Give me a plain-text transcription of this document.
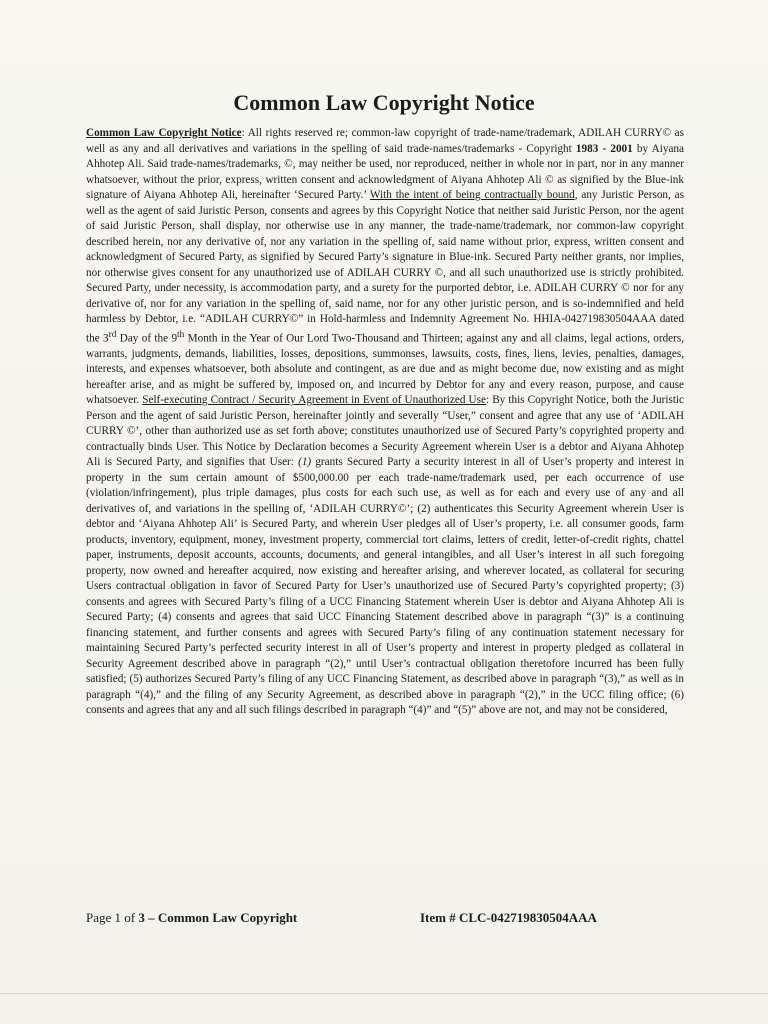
Common Law Copyright Notice

Common Law Copyright Notice: All rights reserved re; common-law copyright of trade-name/trademark, ADILAH CURRY© as well as any and all derivatives and variations in the spelling of said trade-names/trademarks - Copyright 1983 - 2001 by Aiyana Ahhotep Ali. Said trade-names/trademarks, ©, may neither be used, nor reproduced, neither in whole nor in part, nor in any manner whatsoever, without the prior, express, written consent and acknowledgment of Aiyana Ahhotep Ali © as signified by the Blue-ink signature of Aiyana Ahhotep Ali, hereinafter ‘Secured Party.’ With the intent of being contractually bound, any Juristic Person, as well as the agent of said Juristic Person, consents and agrees by this Copyright Notice that neither said Juristic Person, nor the agent of said Juristic Person, shall display, nor otherwise use in any manner, the trade-name/trademark, nor common-law copyright described herein, nor any derivative of, nor any variation in the spelling of, said name without prior, express, written consent and acknowledgment of Secured Party, as signified by Secured Party’s signature in Blue-ink. Secured Party neither grants, nor implies, nor otherwise gives consent for any unauthorized use of ADILAH CURRY ©, and all such unauthorized use is strictly prohibited. Secured Party, under necessity, is accommodation party, and a surety for the purported debtor, i.e. ADILAH CURRY © nor for any derivative of, nor for any variation in the spelling of, said name, nor for any other juristic person, and is so-indemnified and held harmless by Debtor, i.e. “ADILAH CURRY©” in Hold-harmless and Indemnity Agreement No. HHIA-042719830504AAA dated the 3rd Day of the 9th Month in the Year of Our Lord Two-Thousand and Thirteen; against any and all claims, legal actions, orders, warrants, judgments, demands, liabilities, losses, depositions, summonses, lawsuits, costs, fines, liens, levies, penalties, damages, interests, and expenses whatsoever, both absolute and contingent, as are due and as might become due, now existing and as might hereafter arise, and as might be suffered by, imposed on, and incurred by Debtor for any and every reason, purpose, and cause whatsoever. Self-executing Contract / Security Agreement in Event of Unauthorized Use: By this Copyright Notice, both the Juristic Person and the agent of said Juristic Person, hereinafter jointly and severally “User,” consent and agree that any use of ‘ADILAH CURRY ©’, other than authorized use as set forth above; constitutes unauthorized use of Secured Party’s copyrighted property and contractually binds User. This Notice by Declaration becomes a Security Agreement wherein User is a debtor and Aiyana Ahhotep Ali is Secured Party, and signifies that User: (1) grants Secured Party a security interest in all of User’s property and interest in property in the sum certain amount of $500,000.00 per each trade-name/trademark used, per each occurrence of use (violation/infringement), plus triple damages, plus costs for each such use, as well as for each and every use of any and all derivatives of, and variations in the spelling of, ‘ADILAH CURRY©’; (2) authenticates this Security Agreement wherein User is debtor and ‘Aiyana Ahhotep Ali’ is Secured Party, and wherein User pledges all of User’s property, i.e. all consumer goods, farm products, inventory, equipment, money, investment property, commercial tort claims, letters of credit, letter-of-credit rights, chattel paper, instruments, deposit accounts, accounts, documents, and general intangibles, and all User’s interest in all such foregoing property, now owned and hereafter acquired, now existing and hereafter arising, and wherever located, as collateral for securing Users contractual obligation in favor of Secured Party for User’s unauthorized use of Secured Party’s copyrighted property; (3) consents and agrees with Secured Party’s filing of a UCC Financing Statement wherein User is debtor and Aiyana Ahhotep Ali is Secured Party; (4) consents and agrees that said UCC Financing Statement described above in paragraph “(3)” is a continuing financing statement, and further consents and agrees with Secured Party’s filing of any continuation statement necessary for maintaining Secured Party’s perfected security interest in all of User’s property and interest in property pledged as collateral in Security Agreement described above in paragraph “(2),” until User’s contractual obligation theretofore incurred has been fully satisfied; (5) authorizes Secured Party’s filing of any UCC Financing Statement, as described above in paragraph “(3),” as well as in paragraph “(4),” and the filing of any Security Agreement, as described above in paragraph “(2),” in the UCC filing office; (6) consents and agrees that any and all such filings described in paragraph “(4)” and “(5)” above are not, and may not be considered,

Page 1 of 3 – Common Law Copyright	Item # CLC-042719830504AAA
